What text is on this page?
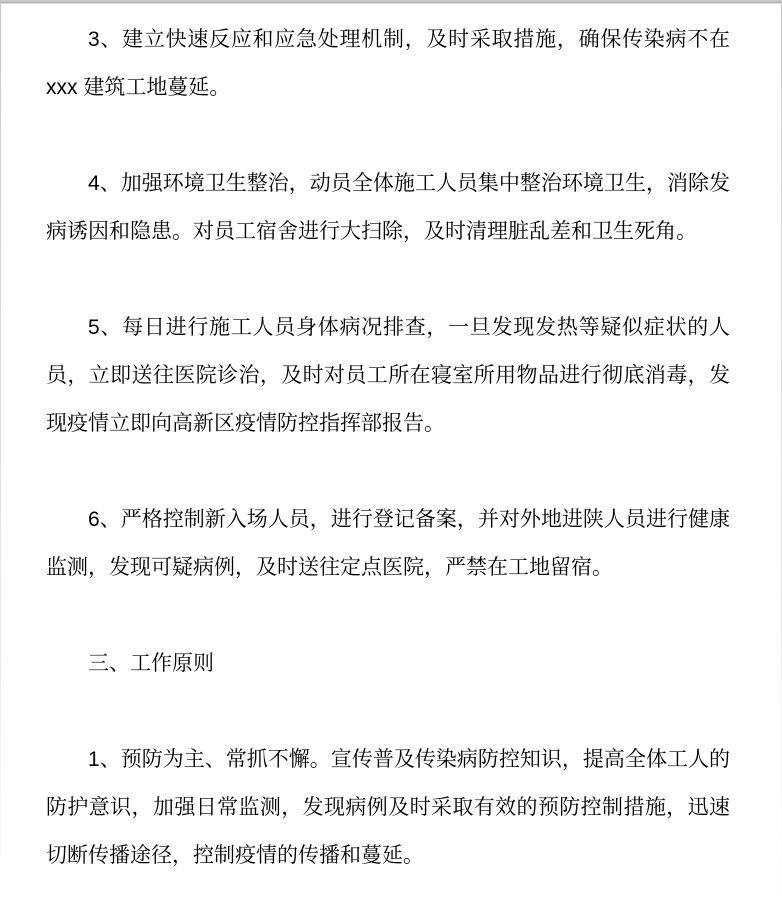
3、建立快速反应和应急处理机制，及时采取措施，确保传染病不在 xxx 建筑工地蔓延。

4、加强环境卫生整治，动员全体施工人员集中整治环境卫生，消除发病诱因和隐患。对员工宿舍进行大扫除，及时清理脏乱差和卫生死角。

5、每日进行施工人员身体病况排查，一旦发现发热等疑似症状的人员，立即送往医院诊治，及时对员工所在寝室所用物品进行彻底消毒，发现疫情立即向高新区疫情防控指挥部报告。

6、严格控制新入场人员，进行登记备案，并对外地进陕人员进行健康监测，发现可疑病例，及时送往定点医院，严禁在工地留宿。

三、工作原则

1、预防为主、常抓不懈。宣传普及传染病防控知识，提高全体工人的防护意识，加强日常监测，发现病例及时采取有效的预防控制措施，迅速切断传播途径，控制疫情的传播和蔓延。
